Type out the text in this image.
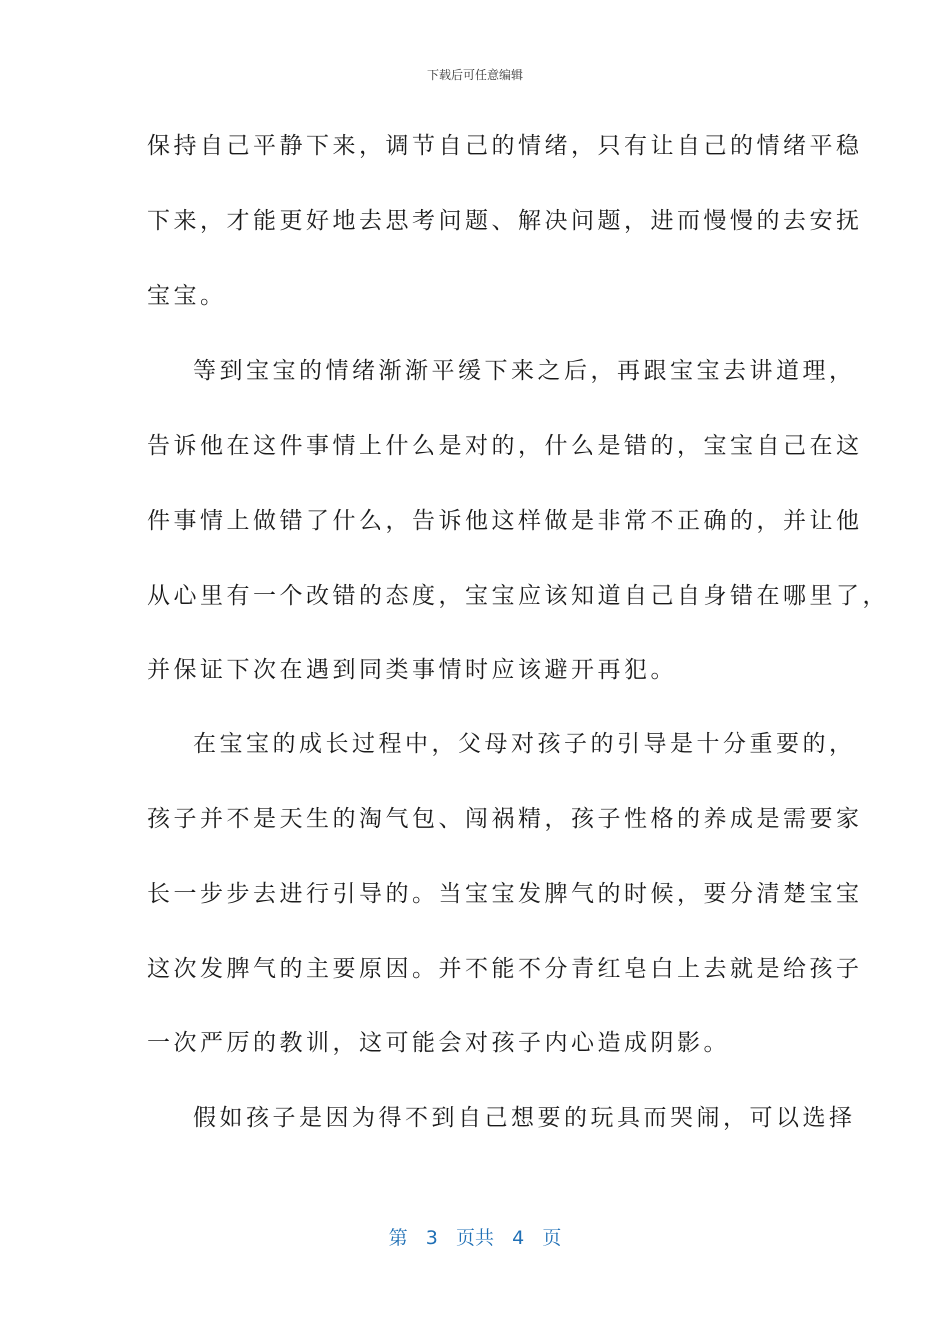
下载后可任意编辑
保持自己平静下来，调节自己的情绪，只有让自己的情绪平稳
下来，才能更好地去思考问题、解决问题，进而慢慢的去安抚
宝宝。
等到宝宝的情绪渐渐平缓下来之后，再跟宝宝去讲道理，
告诉他在这件事情上什么是对的，什么是错的，宝宝自己在这
件事情上做错了什么，告诉他这样做是非常不正确的，并让他
从心里有一个改错的态度，宝宝应该知道自己自身错在哪里了，
并保证下次在遇到同类事情时应该避开再犯。
在宝宝的成长过程中，父母对孩子的引导是十分重要的，
孩子并不是天生的淘气包、闯祸精，孩子性格的养成是需要家
长一步步去进行引导的。当宝宝发脾气的时候，要分清楚宝宝
这次发脾气的主要原因。并不能不分青红皂白上去就是给孩子
一次严厉的教训，这可能会对孩子内心造成阴影。
假如孩子是因为得不到自己想要的玩具而哭闹，可以选择
第 3 页共 4 页
